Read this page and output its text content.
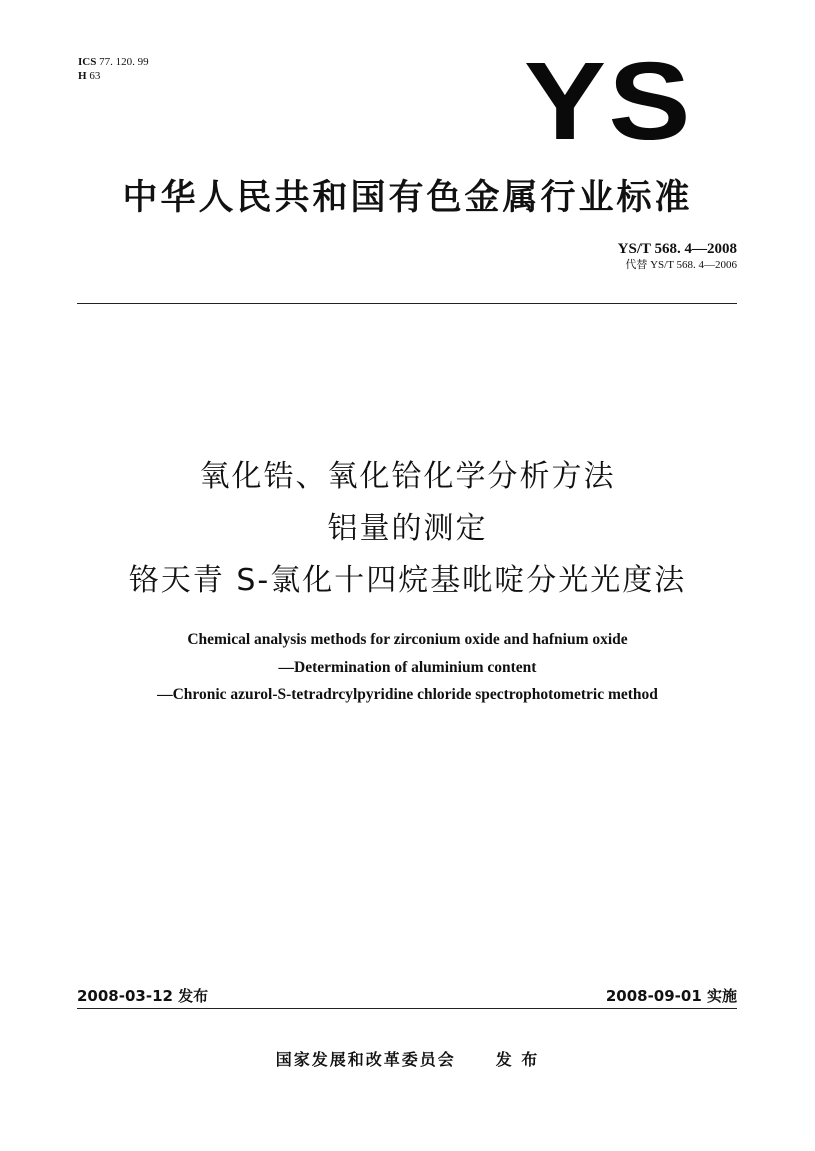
ICS 77. 120. 99
H 63	YS
中华人民共和国有色金属行业标准
YS/T 568. 4—2008
代替 YS/T 568. 4—2006
氧化锆、氧化铪化学分析方法
铝量的测定
铬天青 S-氯化十四烷基吡啶分光光度法
Chemical analysis methods for zirconium oxide and hafnium oxide
—Determination of aluminium content
—Chronic azurol-S-tetradrcylpyridine chloride spectrophotometric method
2008-03-12 发布	2008-09-01 实施
国家发展和改革委员会	发 布
